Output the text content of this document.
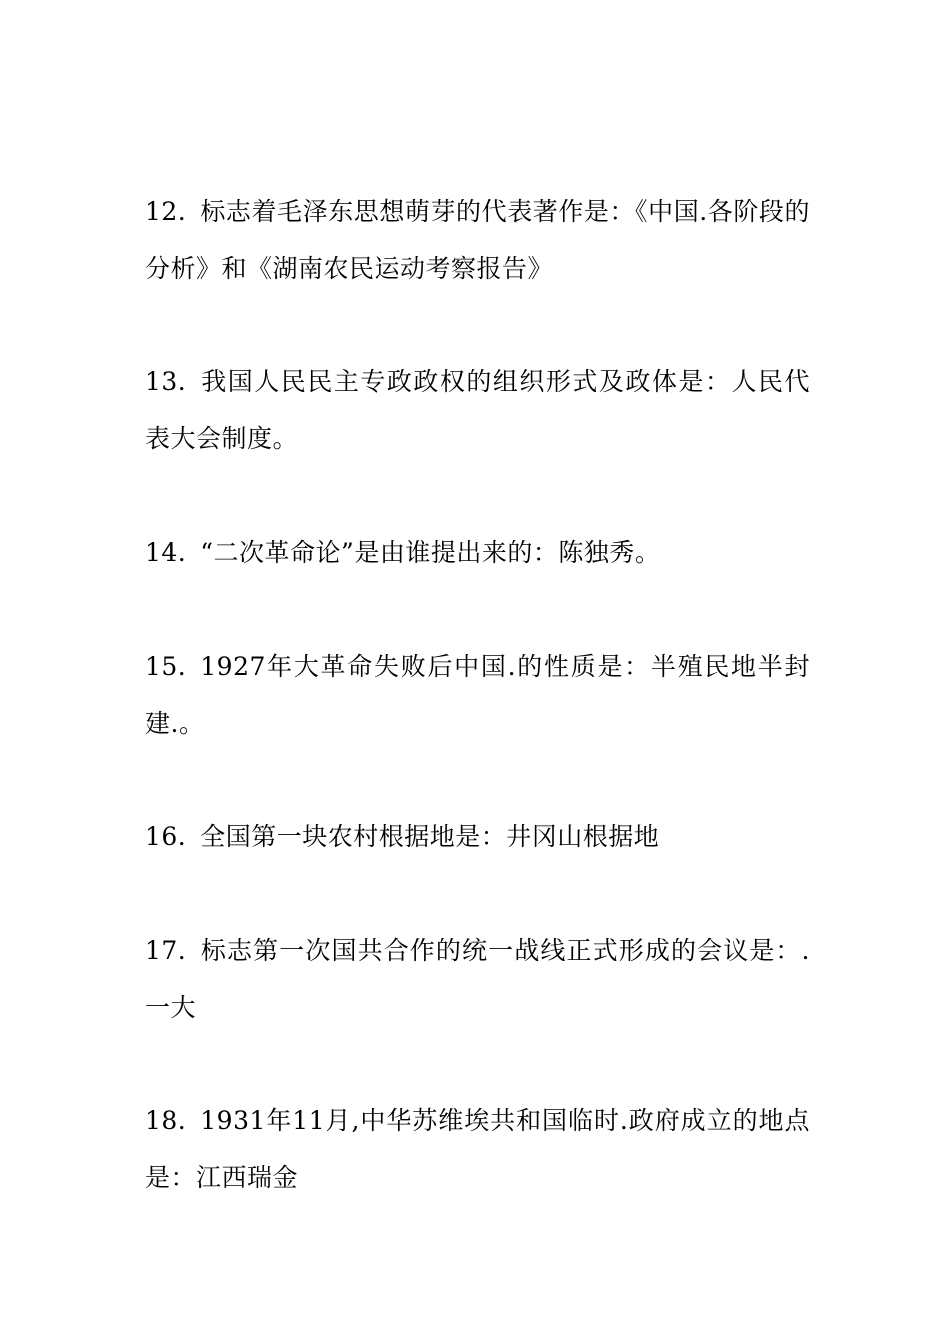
12. 标志着毛泽东思想萌芽的代表著作是：《中国.各阶段的分析》和《湖南农民运动考察报告》
13. 我国人民民主专政政权的组织形式及政体是：人民代表大会制度。
14. “二次革命论”是由谁提出来的：陈独秀。
15. 1927年大革命失败后中国.的性质是：半殖民地半封建.。
16. 全国第一块农村根据地是：井冈山根据地
17. 标志第一次国共合作的统一战线正式形成的会议是：.一大
18. 1931年11月,中华苏维埃共和国临时.政府成立的地点是：江西瑞金
